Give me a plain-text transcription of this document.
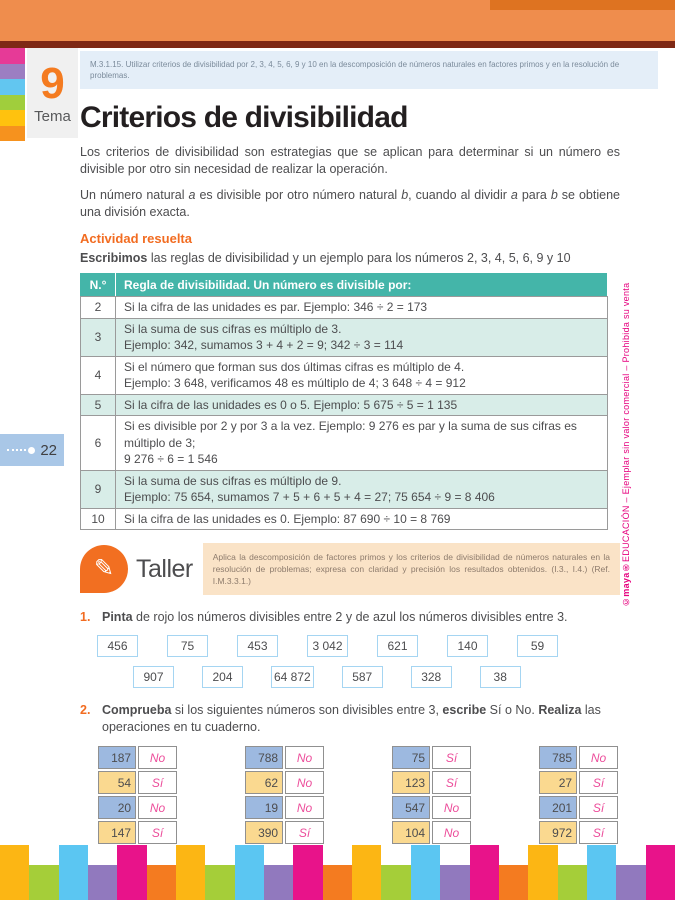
9
Tema
22
©maya®
EDUCACIÓN – Ejemplar sin valor comercial – Prohibida su venta
M.3.1.15. Utilizar criterios de divisibilidad por 2, 3, 4, 5, 6, 9 y 10 en la descomposición de números naturales en factores primos y en la resolución de problemas.
Criterios de divisibilidad

Los criterios de divisibilidad son estrategias que se aplican para determinar si un número es divisible por otro sin necesidad de realizar la operación.

Un número natural a es divisible por otro número natural b, cuando al dividir a para b se obtiene una división exacta.

Actividad resuelta
Escribimos las reglas de divisibilidad y un ejemplo para los números 2, 3, 4, 5, 6, 9 y 10
N.°	Regla de divisibilidad. Un número es divisible por:
2	Si la cifra de las unidades es par. Ejemplo: 346 ÷ 2 = 173

3	Si la suma de sus cifras es múltiplo de 3.
Ejemplo: 342, sumamos 3 + 4 + 2 = 9; 342 ÷ 3 = 114

4	Si el número que forman sus dos últimas cifras es múltiplo de 4.
Ejemplo: 3 648, verificamos 48 es múltiplo de 4; 3 648 ÷ 4 = 912

5	Si la cifra de las unidades es 0 o 5. Ejemplo: 5 675 ÷ 5 = 1 135

6	Si es divisible por 2 y por 3 a la vez. Ejemplo: 9 276 es par y la suma de sus cifras es múltiplo de 3;
9 276 ÷ 6 = 1 546

9	Si la suma de sus cifras es múltiplo de 9.
Ejemplo: 75 654, sumamos 7 + 5 + 6 + 5 + 4 = 27; 75 654 ÷ 9 = 8 406

10	Si la cifra de las unidades es 0. Ejemplo: 87 690 ÷ 10 = 8 769
✎ Taller	Aplica la descomposición de factores primos y los criterios de divisibilidad de números naturales en la resolución de problemas; expresa con claridad y precisión los resultados obtenidos. (I.3., I.4.) (Ref. I.M.3.3.1.)
1. Pinta de rojo los números divisibles entre 2 y de azul los números divisibles entre 3.
456	75	453	3 042	621	140	59
907	204	64 872	587	328	38
2. Comprueba si los siguientes números son divisibles entre 3, escribe Sí o No. Realiza las operaciones en tu cuaderno.
187	No
54	Sí
20	No
147	Sí
788	No
62	No
19	No
390	Sí
75	Sí
123	Sí
547	No
104	No
785	No
27	Sí
201	Sí
972	Sí
